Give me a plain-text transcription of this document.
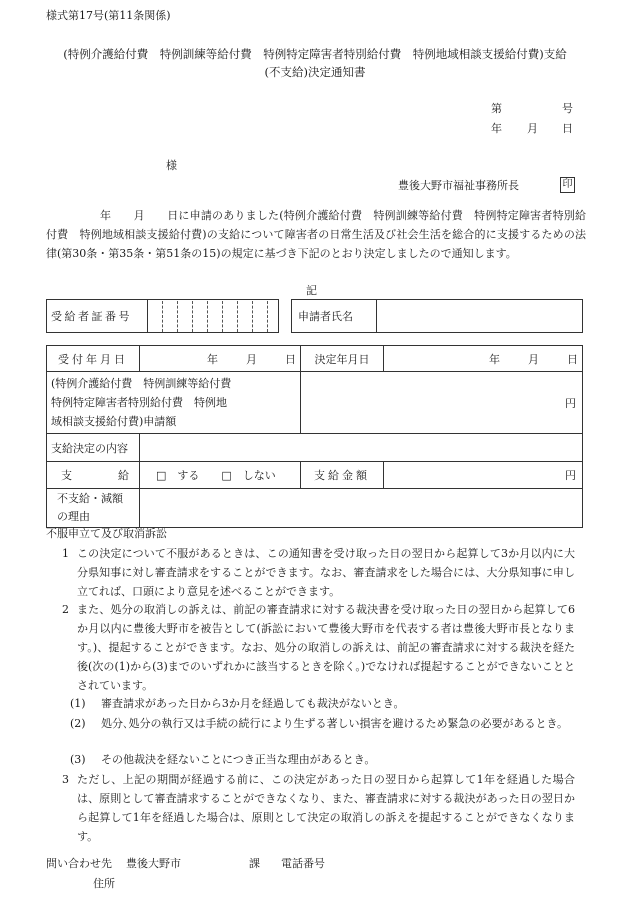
様式第17号(第11条関係)
(特例介護給付費　特例訓練等給付費　特例特定障害者特別給付費　特例地域相談支援給付費)支給
(不支給)決定通知書
第	号
年 月 日
様
豊後大野市福祉事務所長	印
年　　月　　日に申請のありました(特例介護給付費　特例訓練等給付費　特例特定障害者特別給付費　特例地域相談支援給付費)の支給について障害者の日常生活及び社会生活を総合的に支援するための法律(第30条・第35条・第51条の15)の規定に基づき下記のとおり決定しましたので通知します。
記
受給者証番号			申請者氏名	
受付年月日	年 月 日	決定年月日	年 月 日

(特例介護給付費　特例訓練等給付費
特例特定障害者特別給付費　特例地
域相談支援給付費)申請額		円	
支給決定の内容			

支 給	□　する □　しない	支給金額	円

不支給・減額
の理由			

不服申立て及び取消訴訟
1 この決定について不服があるときは、この通知書を受け取った日の翌日から起算して3か月以内に大分県知事に対し審査請求をすることができます。なお、審査請求をした場合には、大分県知事に申し立てれば、口頭により意見を述べることができます。
2 また、処分の取消しの訴えは、前記の審査請求に対する裁決書を受け取った日の翌日から起算して6か月以内に豊後大野市を被告として(訴訟において豊後大野市を代表する者は豊後大野市長となります。)、提起することができます。なお、処分の取消しの訴えは、前記の審査請求に対する裁決を経た後(次の(1)から(3)までのいずれかに該当するときを除く。)でなければ提起することができないこととされています。
(1) 審査請求があった日から3か月を経過しても裁決がないとき。
(2) 処分､処分の執行又は手続の続行により生ずる著しい損害を避けるため緊急の必要があるとき。
(3) その他裁決を経ないことにつき正当な理由があるとき。
3 ただし、上記の期間が経過する前に、この決定があった日の翌日から起算して1年を経過した場合は、原則として審査請求することができなくなり、また、審査請求に対する裁決があった日の翌日から起算して1年を経過した場合は、原則として決定の取消しの訴えを提起することができなくなります。
問い合わせ先 豊後大野市	課 電話番号
住所
